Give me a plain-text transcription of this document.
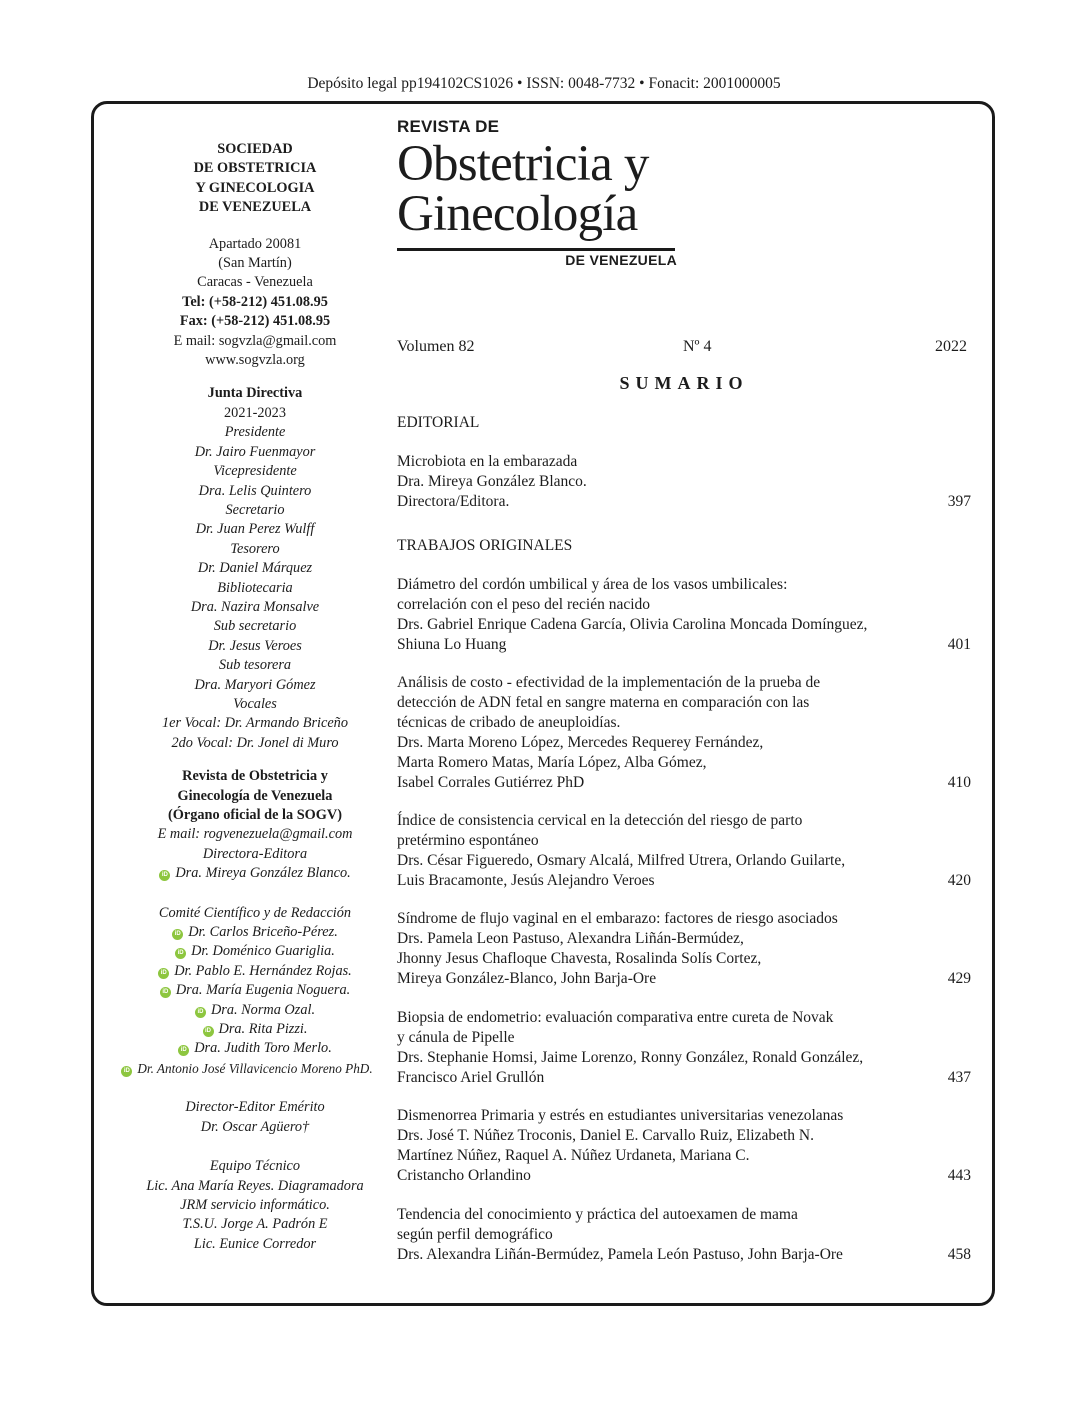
Depósito legal pp194102CS1026 • ISSN: 0048-7732 • Fonacit: 2001000005
SOCIEDAD
DE OBSTETRICIA
Y GINECOLOGIA
DE VENEZUELA
Apartado 20081
(San Martín)
Caracas - Venezuela
Tel: (+58-212) 451.08.95
Fax: (+58-212) 451.08.95
E mail: sogvzla@gmail.com
www.sogvzla.org
Junta Directiva
2021-2023
Presidente
Dr. Jairo Fuenmayor
Vicepresidente
Dra. Lelis Quintero
Secretario
Dr. Juan Perez Wulff
Tesorero
Dr. Daniel Márquez
Bibliotecaria
Dra. Nazira Monsalve
Sub secretario
Dr. Jesus Veroes
Sub tesorera
Dra. Maryori Gómez
Vocales
1er Vocal: Dr. Armando Briceño
2do Vocal: Dr. Jonel di Muro
Revista de Obstetricia y
Ginecología de Venezuela
(Órgano oficial de la SOGV)
E mail: rogvenezuela@gmail.com
Directora-Editora
iD Dra. Mireya González Blanco.
Comité Científico y de Redacción
iD Dr. Carlos Briceño-Pérez.
iD Dr. Doménico Guariglia.
iD Dr. Pablo E. Hernández Rojas.
iD Dra. María Eugenia Noguera.
iD Dra. Norma Ozal.
iD Dra. Rita Pizzi.
iD Dra. Judith Toro Merlo.
iD Dr. Antonio José Villavicencio Moreno PhD.
Director-Editor Emérito
Dr. Oscar Agüero†
Equipo Técnico
Lic. Ana María Reyes. Diagramadora
JRM servicio informático.
T.S.U. Jorge A. Padrón E
Lic. Eunice Corredor
REVISTA DE
Obstetricia y
Ginecología
DE VENEZUELA
Volumen 82	Nº 4	2022
SUMARIO
EDITORIAL
Microbiota en la embarazada
Dra. Mireya González Blanco.
Directora/Editora.	397
TRABAJOS ORIGINALES
Diámetro del cordón umbilical y área de los vasos umbilicales:
correlación con el peso del recién nacido
Drs. Gabriel Enrique Cadena García, Olivia Carolina Moncada Domínguez,
Shiuna Lo Huang	401
Análisis de costo - efectividad de la implementación de la prueba de
detección de ADN fetal en sangre materna en comparación con las
técnicas de cribado de aneuploidías.
Drs. Marta Moreno López, Mercedes Requerey Fernández,
Marta Romero Matas, María López, Alba Gómez,
Isabel Corrales Gutiérrez PhD	410
Índice de consistencia cervical en la detección del riesgo de parto
pretérmino espontáneo
Drs. César Figueredo, Osmary Alcalá, Milfred Utrera, Orlando Guilarte,
Luis Bracamonte, Jesús Alejandro Veroes	420
Síndrome de flujo vaginal en el embarazo: factores de riesgo asociados
Drs. Pamela Leon Pastuso, Alexandra Liñán-Bermúdez,
Jhonny Jesus Chafloque Chavesta, Rosalinda Solís Cortez,
Mireya González-Blanco, John Barja-Ore	429
Biopsia de endometrio: evaluación comparativa entre cureta de Novak
y cánula de Pipelle
Drs. Stephanie Homsi, Jaime Lorenzo, Ronny González, Ronald González,
Francisco Ariel Grullón	437
Dismenorrea Primaria y estrés en estudiantes universitarias venezolanas
Drs. José T. Núñez Troconis, Daniel E. Carvallo Ruiz, Elizabeth N.
Martínez Núñez, Raquel A. Núñez Urdaneta, Mariana C.
Cristancho Orlandino	443
Tendencia del conocimiento y práctica del autoexamen de mama
según perfil demográfico
Drs. Alexandra Liñán-Bermúdez, Pamela León Pastuso, John Barja-Ore	458
